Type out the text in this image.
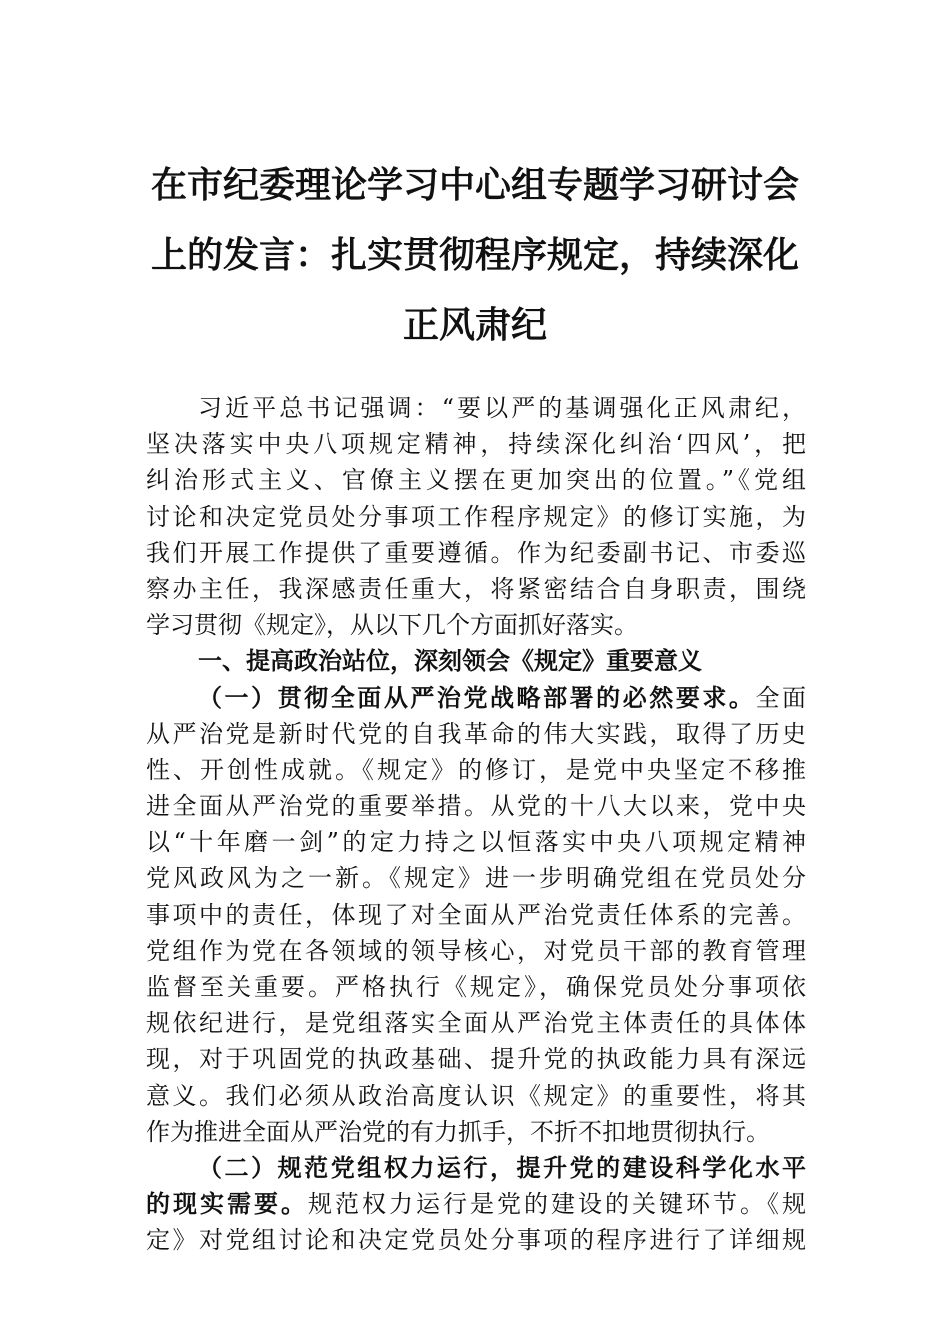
在市纪委理论学习中心组专题学习研讨会
上的发言：扎实贯彻程序规定，持续深化
正风肃纪
习近平总书记强调：“要以严的基调强化正风肃纪，
坚决落实中央八项规定精神，持续深化纠治‘四风’，把
纠治形式主义、官僚主义摆在更加突出的位置。”《党组
讨论和决定党员处分事项工作程序规定》的修订实施，为
我们开展工作提供了重要遵循。作为纪委副书记、市委巡
察办主任，我深感责任重大，将紧密结合自身职责，围绕
学习贯彻《规定》，从以下几个方面抓好落实。
一、提高政治站位，深刻领会《规定》重要意义
（一）贯彻全面从严治党战略部署的必然要求。全面
从严治党是新时代党的自我革命的伟大实践，取得了历史
性、开创性成就。《规定》的修订，是党中央坚定不移推
进全面从严治党的重要举措。从党的十八大以来，党中央
以“十年磨一剑”的定力持之以恒落实中央八项规定精神
党风政风为之一新。《规定》进一步明确党组在党员处分
事项中的责任，体现了对全面从严治党责任体系的完善。
党组作为党在各领域的领导核心，对党员干部的教育管理
监督至关重要。严格执行《规定》，确保党员处分事项依
规依纪进行，是党组落实全面从严治党主体责任的具体体
现，对于巩固党的执政基础、提升党的执政能力具有深远
意义。我们必须从政治高度认识《规定》的重要性，将其
作为推进全面从严治党的有力抓手，不折不扣地贯彻执行。
（二）规范党组权力运行，提升党的建设科学化水平
的现实需要。规范权力运行是党的建设的关键环节。《规
定》对党组讨论和决定党员处分事项的程序进行了详细规
